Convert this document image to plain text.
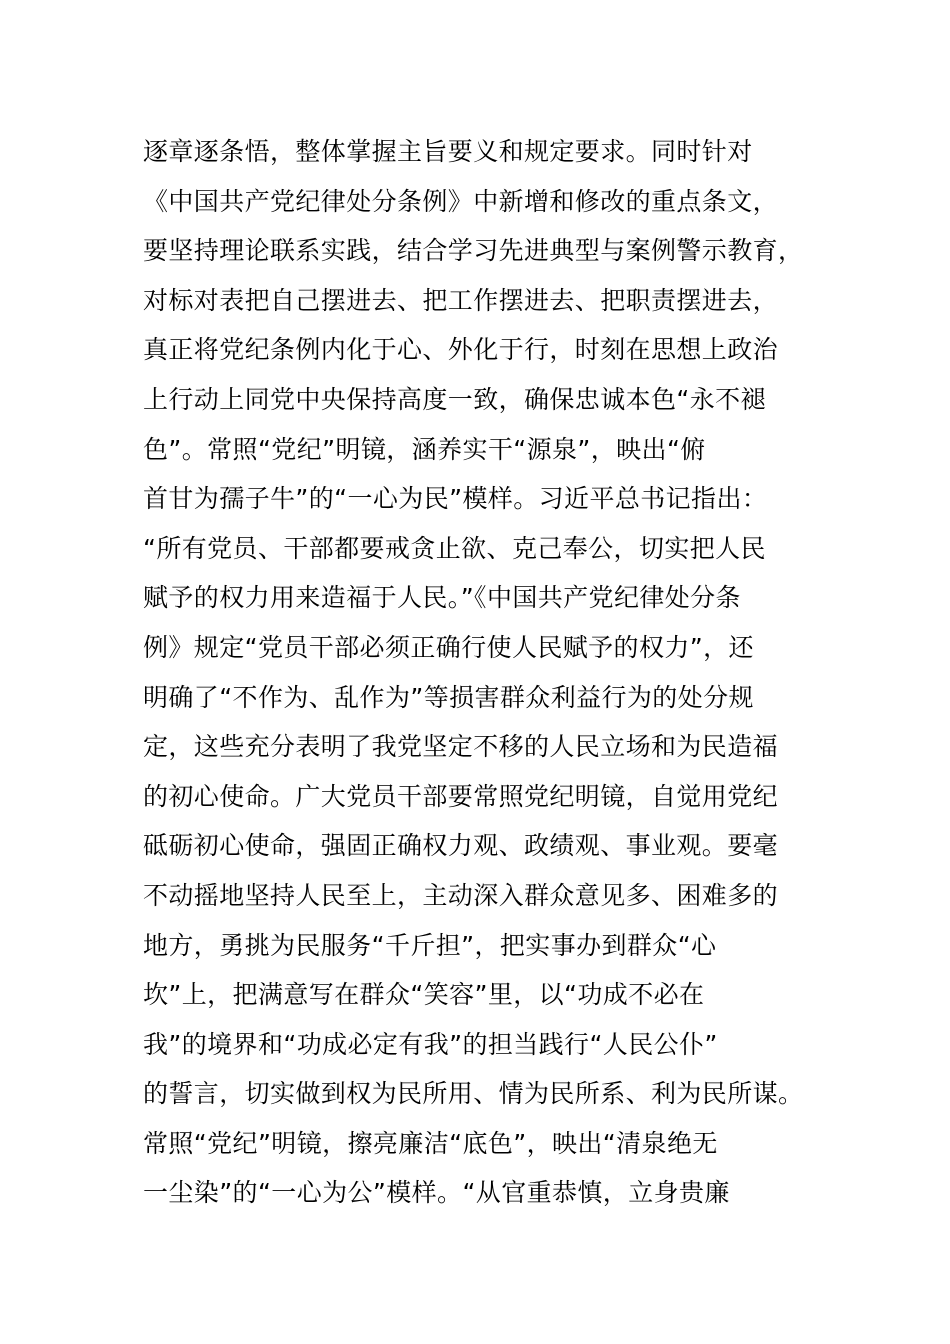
逐章逐条悟，整体掌握主旨要义和规定要求。同时针对
《中国共产党纪律处分条例》中新增和修改的重点条文，
要坚持理论联系实践，结合学习先进典型与案例警示教育，
对标对表把自己摆进去、把工作摆进去、把职责摆进去，
真正将党纪条例内化于心、外化于行，时刻在思想上政治
上行动上同党中央保持高度一致，确保忠诚本色“永不褪
色”。常照“党纪”明镜，涵养实干“源泉”，映出“俯
首甘为孺子牛”的“一心为民”模样。习近平总书记指出：
“所有党员、干部都要戒贪止欲、克己奉公，切实把人民
赋予的权力用来造福于人民。”《中国共产党纪律处分条
例》规定“党员干部必须正确行使人民赋予的权力”，还
明确了“不作为、乱作为”等损害群众利益行为的处分规
定，这些充分表明了我党坚定不移的人民立场和为民造福
的初心使命。广大党员干部要常照党纪明镜，自觉用党纪
砥砺初心使命，强固正确权力观、政绩观、事业观。要毫
不动摇地坚持人民至上，主动深入群众意见多、困难多的
地方，勇挑为民服务“千斤担”，把实事办到群众“心
坎”上，把满意写在群众“笑容”里，以“功成不必在
我”的境界和“功成必定有我”的担当践行“人民公仆”
的誓言，切实做到权为民所用、情为民所系、利为民所谋。
常照“党纪”明镜，擦亮廉洁“底色”，映出“清泉绝无
一尘染”的“一心为公”模样。“从官重恭慎，立身贵廉
